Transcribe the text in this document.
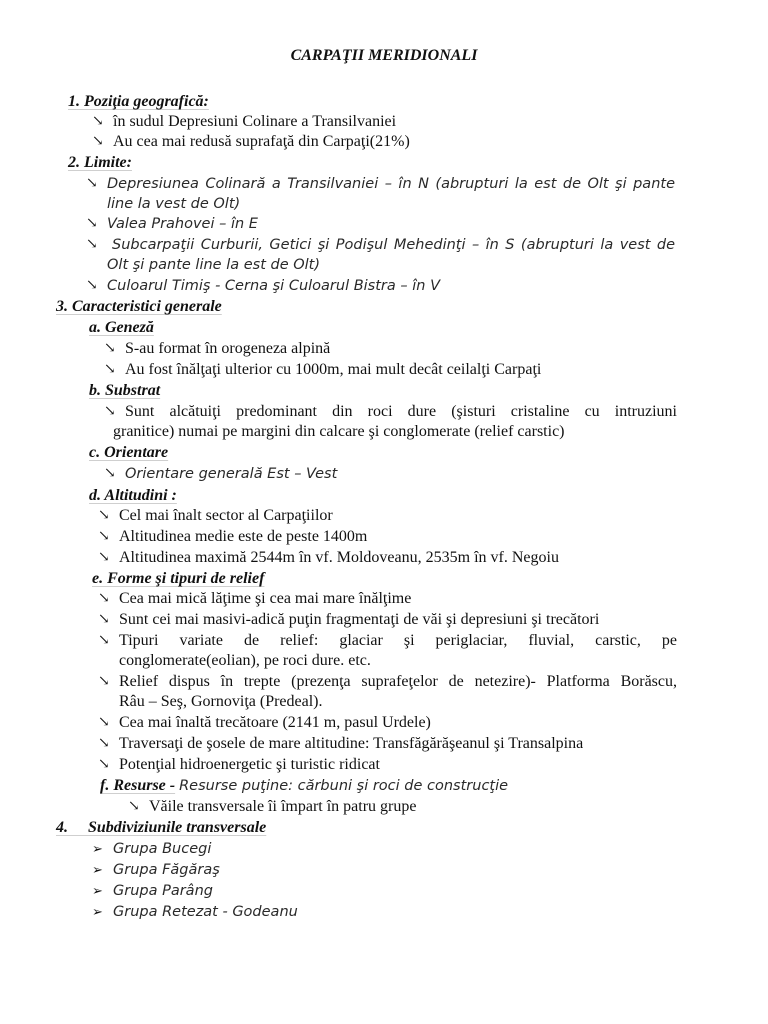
CARPAŢII MERIDIONALI
1. Poziţia geografică:
↘ în sudul Depresiuni Colinare a Transilvaniei
↘ Au cea mai redusă suprafaţă din Carpaţi(21%)
2. Limite:
↘ Depresiunea Colinară a Transilvaniei – în N (abrupturi la est de Olt şi pante
line la vest de Olt)
↘ Valea Prahovei – în E
↘ Subcarpaţii Curburii, Getici şi Podişul Mehedinţi – în S (abrupturi la vest de
Olt şi pante line la est de Olt)
↘ Culoarul Timiş - Cerna şi Culoarul Bistra – în V
3. Caracteristici generale
a. Geneză
↘ S-au format în orogeneza alpină
↘ Au fost înălţaţi ulterior cu 1000m, mai mult decât ceilalţi Carpaţi
b. Substrat
↘ Sunt alcătuiţi predominant din roci dure (şisturi cristaline cu intruziuni
granitice) numai pe margini din calcare şi conglomerate (relief carstic)
c. Orientare
↘ Orientare generală Est – Vest
d. Altitudini :
↘ Cel mai înalt sector al Carpaţiilor
↘ Altitudinea medie este de peste 1400m
↘ Altitudinea maximă 2544m în vf. Moldoveanu, 2535m în vf. Negoiu
e. Forme şi tipuri de relief
↘ Cea mai mică lăţime şi cea mai mare înălţime
↘ Sunt cei mai masivi-adică puţin fragmentaţi de văi şi depresiuni şi trecători
↘ Tipuri variate de relief: glaciar şi periglaciar, fluvial, carstic, pe
conglomerate(eolian), pe roci dure. etc.
↘ Relief dispus în trepte (prezenţa suprafeţelor de netezire)- Platforma Borăscu,
Râu – Seş, Gornoviţa (Predeal).
↘ Cea mai înaltă trecătoare (2141 m, pasul Urdele)
↘ Traversaţi de şosele de mare altitudine: Transfăgărăşeanul şi Transalpina
↘ Potenţial hidroenergetic şi turistic ridicat
f. Resurse - Resurse puţine: cărbuni şi roci de construcţie
↘ Văile transversale îi împart în patru grupe
4.     Subdiviziunile transversale
➢ Grupa Bucegi
➢ Grupa Făgăraş
➢ Grupa Parâng
➢ Grupa Retezat - Godeanu
